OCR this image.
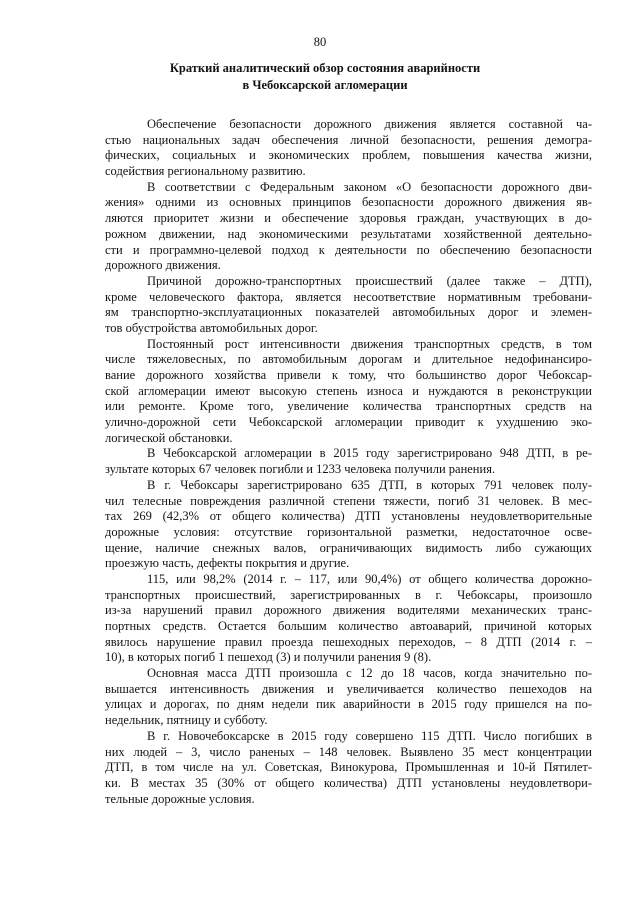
80
Краткий аналитический обзор состояния аварийности
в Чебоксарской агломерации
Обеспечение безопасности дорожного движения является составной ча-
стью национальных задач обеспечения личной безопасности, решения демогра-
фических, социальных и экономических проблем, повышения качества жизни,
содействия региональному развитию.
В соответствии с Федеральным законом «О безопасности дорожного дви-
жения» одними из основных принципов безопасности дорожного движения яв-
ляются приоритет жизни и обеспечение здоровья граждан, участвующих в до-
рожном движении, над экономическими результатами хозяйственной деятельно-
сти и программно-целевой подход к деятельности по обеспечению безопасности
дорожного движения.
Причиной дорожно-транспортных происшествий (далее также – ДТП),
кроме человеческого фактора, является несоответствие нормативным требовани-
ям транспортно-эксплуатационных показателей автомобильных дорог и элемен-
тов обустройства автомобильных дорог.
Постоянный рост интенсивности движения транспортных средств, в том
числе тяжеловесных, по автомобильным дорогам и длительное недофинансиро-
вание дорожного хозяйства привели к тому, что большинство дорог Чебоксар-
ской агломерации имеют высокую степень износа и нуждаются в реконструкции
или ремонте. Кроме того, увеличение количества транспортных средств на
улично-дорожной сети Чебоксарской агломерации приводит к ухудшению эко-
логической обстановки.
В Чебоксарской агломерации в 2015 году зарегистрировано 948 ДТП, в ре-
зультате которых 67 человек погибли и 1233 человека получили ранения.
В г. Чебоксары зарегистрировано 635 ДТП, в которых 791 человек полу-
чил телесные повреждения различной степени тяжести, погиб 31 человек. В мес-
тах 269 (42,3% от общего количества) ДТП установлены неудовлетворительные
дорожные условия: отсутствие горизонтальной разметки, недостаточное осве-
щение, наличие снежных валов, ограничивающих видимость либо сужающих
проезжую часть, дефекты покрытия и другие.
115, или 98,2% (2014 г. – 117, или 90,4%) от общего количества дорожно-
транспортных происшествий, зарегистрированных в г. Чебоксары, произошло
из-за нарушений правил дорожного движения водителями механических транс-
портных средств. Остается большим количество автоаварий, причиной которых
явилось нарушение правил проезда пешеходных переходов, – 8 ДТП (2014 г. –
10), в которых погиб 1 пешеход (3) и получили ранения 9 (8).
Основная масса ДТП произошла с 12 до 18 часов, когда значительно по-
вышается интенсивность движения и увеличивается количество пешеходов на
улицах и дорогах, по дням недели пик аварийности в 2015 году пришелся на по-
недельник, пятницу и субботу.
В г. Новочебоксарске в 2015 году совершено 115 ДТП. Число погибших в
них людей – 3, число раненых – 148 человек. Выявлено 35 мест концентрации
ДТП, в том числе на ул. Советская, Винокурова, Промышленная и 10-й Пятилет-
ки. В местах 35 (30% от общего количества) ДТП установлены неудовлетвори-
тельные дорожные условия.
